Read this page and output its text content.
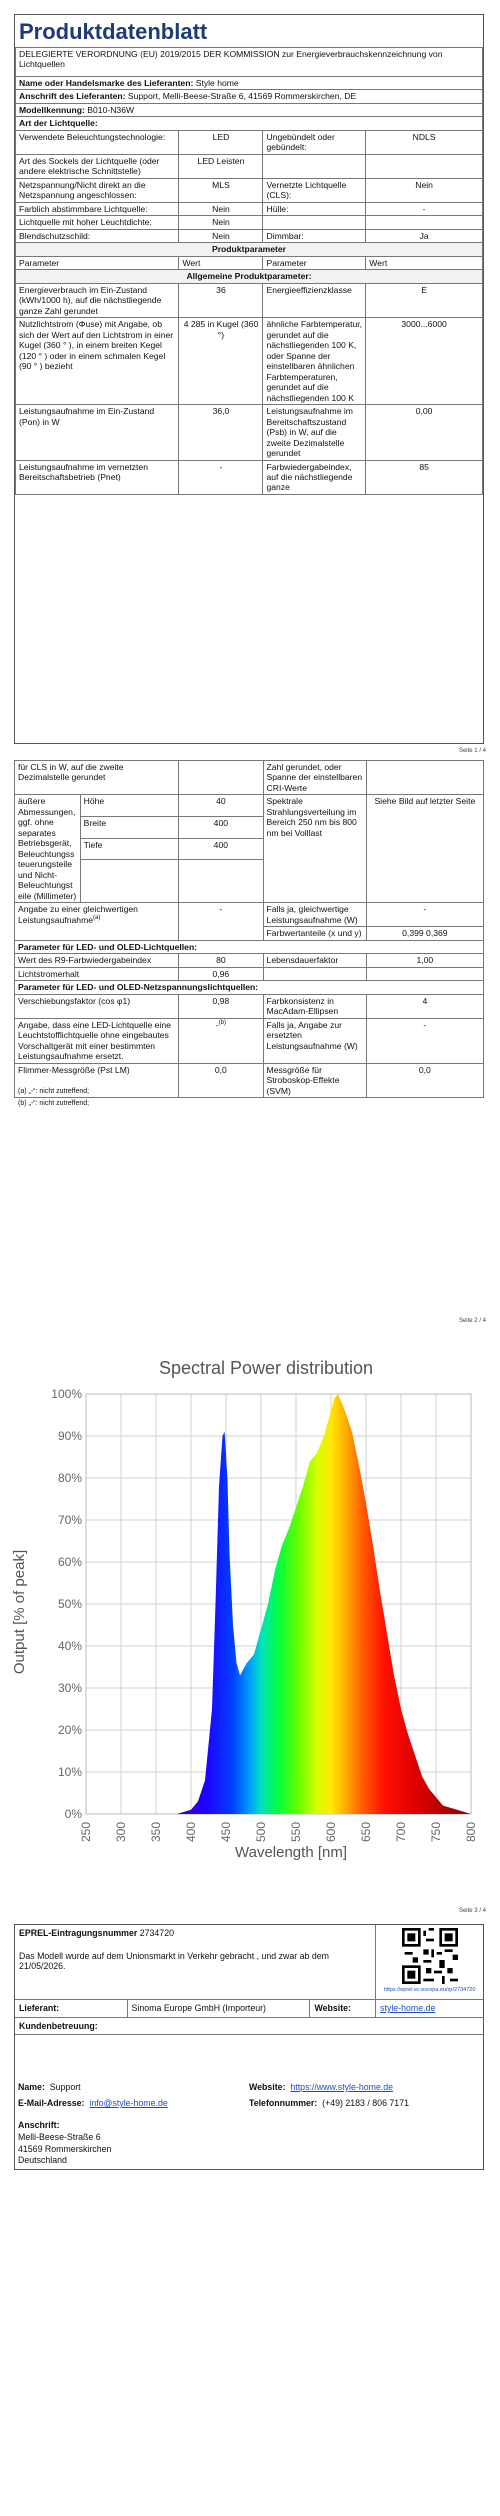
Produktdatenblatt
DELEGIERTE VERORDNUNG (EU) 2019/2015 DER KOMMISSION zur Energieverbrauchskennzeichnung von Lichtquellen			
Name oder Handelsmarke des Lieferanten: Style home			
Anschrift des Lieferanten: Support, Melli-Beese-Straße 6, 41569 Rommerskirchen, DE			
Modellkennung: B010-N36W			
Art der Lichtquelle:			

Verwendete Beleuchtungstechnologie:	LED	Ungebündelt oder gebündelt:	NDLS
Art des Sockels der Lichtquelle (oder andere elektrische Schnittstelle)	LED Leisten		
Netzspannung/Nicht direkt an die Netzspannung angeschlossen:	MLS	Vernetzte Lichtquelle (CLS):	Nein
Farblich abstimmbare Lichtquelle:	Nein	Hülle:	-
Lichtquelle mit hoher Leuchtdichte:	Nein		
Blendschutzschild:	Nein	Dimmbar:	Ja
Produktparameter			
Parameter	Wert	Parameter	Wert
Allgemeine Produktparameter:			
Energieverbrauch im Ein-Zustand (kWh/1000 h), auf die nächstliegende ganze Zahl gerundet	36	Energieeffizienzklasse	E
Nutzlichtstrom (Φuse) mit Angabe, ob sich der Wert auf den Lichtstrom in einer Kugel (360 ° ), in einem breiten Kegel (120 ° ) oder in einem schmalen Kegel (90 ° ) bezieht	4 285 in Kugel (360 °)	ähnliche Farbtemperatur, gerundet auf die nächstliegenden 100 K, oder Spanne der einstellbaren ähnlichen Farbtemperaturen, gerundet auf die nächstliegenden 100 K	3000...6000
Leistungsaufnahme im Ein-Zustand (Pon) in W	36,0	Leistungsaufnahme im Bereitschaftszustand (Psb) in W, auf die zweite Dezimalstelle gerundet	0,00
Leistungsaufnahme im vernetzten Bereitschaftsbetrieb (Pnet)	-	Farbwiedergabeindex, auf die nächstliegende ganze	85
Seite 1 / 4
für CLS in W, auf die zweite Dezimalstelle gerundet			Zahl gerundet, oder Spanne der einstellbaren CRI-Werte	
äußere Abmessungen, ggf. ohne separates Betriebsgerät, Beleuchtungssteuerungsteile und Nicht-Beleuchtungsteile (Millimeter)	Höhe	40	Spektrale Strahlungsverteilung im Bereich 250 nm bis 800 nm bei Volllast	Siehe Bild auf letzter Seite
	Breite	400		
	Tiefe	400		

Angabe zu einer gleichwertigen Leistungsaufnahme$^{(a)}$		-	Falls ja, gleichwertige Leistungsaufnahme (W)	-
			Farbwertanteile (x und y)	0,399 0,369
Parameter für LED- und OLED-Lichtquellen:				
Wert des R9-Farbwiedergabeindex		80	Lebensdauerfaktor	1,00
Lichtstromerhalt		0,96		
Parameter für LED- und OLED-Netzspannungslichtquellen:				
Verschiebungsfaktor (cos φ1)		0,98	Farbkonsistenz in MacAdam-Ellipsen	4
Angabe, dass eine LED-Lichtquelle eine Leuchtstofflichtquelle ohne eingebautes Vorschaltgerät mit einer bestimmten Leistungsaufnahme ersetzt.		-$^{(b)}$	Falls ja, Angabe zur ersetzten Leistungsaufnahme (W)	-
Flimmer-Messgröße (Pst LM)		0,0	Messgröße für Stroboskop-Effekte (SVM)	0,0
(a) „-“: nicht zutreffend;
(b) „-“: nicht zutreffend;
Seite 2 / 4
Spectral Power distribution
0%
10%
20%
30%
40%
50%
60%
70%
80%
90%
100%
250 300 350 400 450 500 550 600 650 700 750 800
Wavelength [nm]
Output [% of peak]
Seite 3 / 4
EPREL-Eintragungsnummer 2734720
Das Modell wurde auf dem Unionsmarkt in Verkehr gebracht , und zwar ab dem 21/05/2026.			https://eprel.ec.europa.eu/qr/2734720

Lieferant:	Sinoma Europe GmbH (Importeur)	Website:	style-home.de
Kundenbetreuung:			
Name: Support	Website: https://www.style-home.de
E-Mail-Adresse: info@style-home.de	Telefonnummer: (+49) 2183 / 806 7171
Anschrift:
Melli-Beese-Straße 6
41569 Rommerskirchen
Deutschland
